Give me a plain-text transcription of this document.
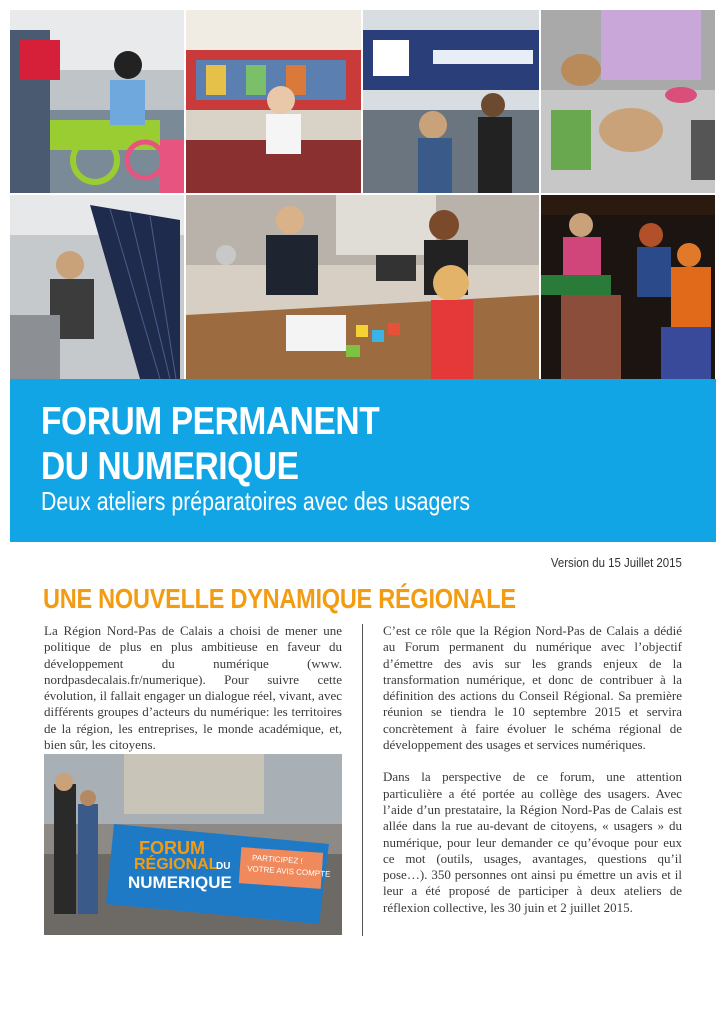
FORUM PERMANENT
DU NUMERIQUE
Deux ateliers préparatoires avec des usagers
Version du 15 Juillet 2015
UNE NOUVELLE DYNAMIQUE RÉGIONALE

La Région Nord-Pas de Calais a choisi de mener une politique de plus en plus ambitieuse en faveur du développement du numérique (www. nordpasdecalais.fr/numerique). Pour suivre cette évolution, il fallait engager un dialogue réel, vivant, avec différents groupes d’acteurs du numérique: les territoires de la région, les entreprises, le monde académique, et, bien sûr, les citoyens.

FORUM
RÉGIONAL
DU
NUMERIQUE
PARTICIPEZ !
VOTRE AVIS COMPTE

C’est ce rôle que la Région Nord-Pas de Calais a dédié au Forum permanent du numérique avec l’objectif d’émettre des avis sur les grands enjeux de la transformation numérique, et donc de contribuer à la définition des actions du Conseil Régional. Sa première réunion se tiendra le 10 septembre 2015 et servira concrètement à faire évoluer le schéma régional de développement des usages et services numériques.

Dans la perspective de ce forum, une attention particulière a été portée au collège des usagers. Avec l’aide d’un prestataire, la Région Nord-Pas de Calais est allée dans la rue au-devant de citoyens, « usagers » du numérique, pour leur demander ce qu’évoque pour eux ce mot (outils, usages, avantages, questions qu’il pose…). 350 personnes ont ainsi pu émettre un avis et il leur a été proposé de participer à deux ateliers de réflexion collective, les 30 juin et 2 juillet 2015.
